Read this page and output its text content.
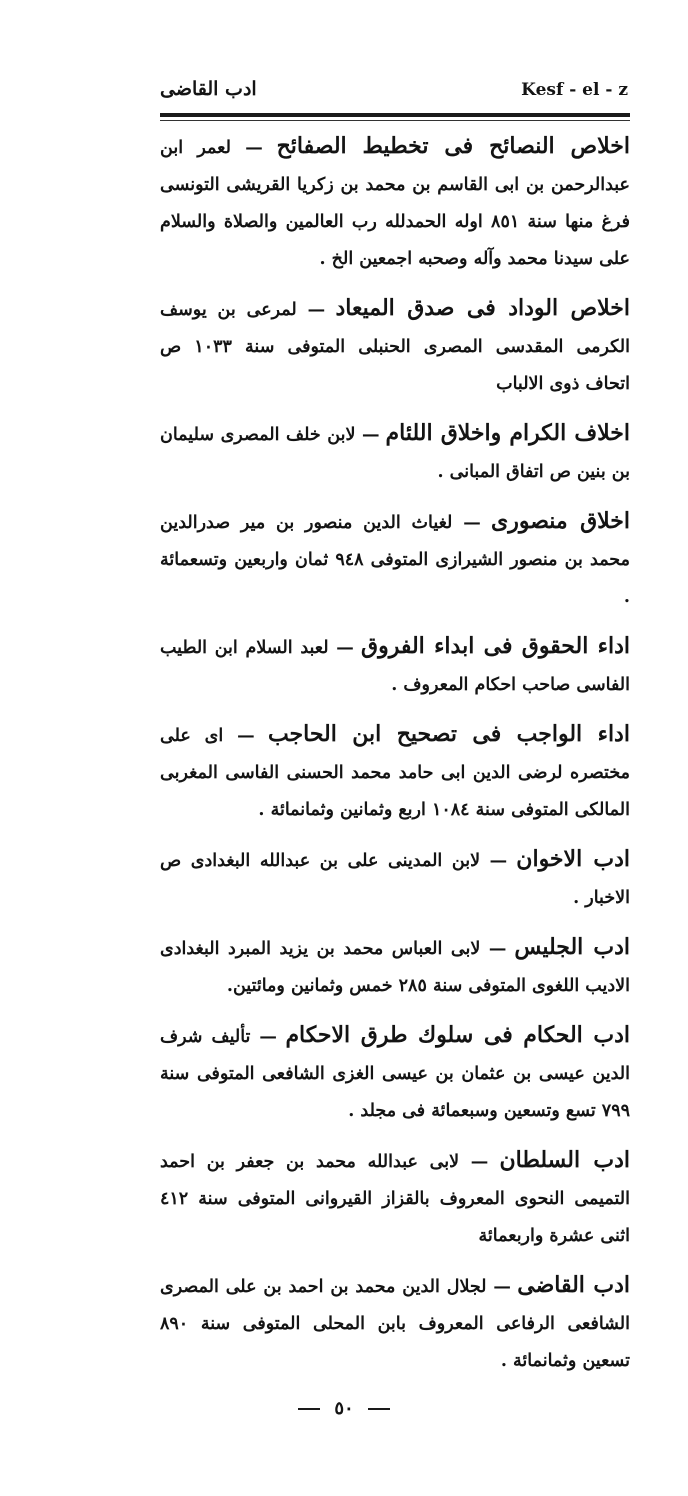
ادب القاضى	Kesf - el - z

اخلاص النصائح فى تخطيط الصفائح — لعمر ابن عبدالرحمن بن ابى القاسم بن محمد بن زكريا القريشى التونسى فرغ منها سنة ٨٥١ اوله الحمدلله رب العالمين والصلاة والسلام على سيدنا محمد وآله وصحبه اجمعين الخ .

اخلاص الوداد فى صدق الميعاد — لمرعى بن يوسف الكرمى المقدسى المصرى الحنبلى المتوفى سنة ١٠٣٣ ص اتحاف ذوى الالباب

اخلاف الكرام واخلاق اللئام — لابن خلف المصرى سليمان بن بنين ص اتفاق المبانى .

اخلاق منصورى — لغياث الدين منصور بن مير صدرالدين محمد بن منصور الشيرازى المتوفى ٩٤٨ ثمان واربعين وتسعمائة .

اداء الحقوق فى ابداء الفروق — لعبد السلام ابن الطيب الفاسى صاحب احكام المعروف .

اداء الواجب فى تصحيح ابن الحاجب — اى على مختصره لرضى الدين ابى حامد محمد الحسنى الفاسى المغربى المالكى المتوفى سنة ١٠٨٤ اربع وثمانين وثمانمائة .

ادب الاخوان — لابن المدينى على بن عبدالله البغدادى ص الاخبار .

ادب الجليس — لابى العباس محمد بن يزيد المبرد البغدادى الاديب اللغوى المتوفى سنة ٢٨٥ خمس وثمانين ومائتين.

ادب الحكام فى سلوك طرق الاحكام — تأليف شرف الدين عيسى بن عثمان بن عيسى الغزى الشافعى المتوفى سنة ٧٩٩ تسع وتسعين وسبعمائة فى مجلد .

ادب السلطان — لابى عبدالله محمد بن جعفر بن احمد التميمى النحوى المعروف بالقزاز القيروانى المتوفى سنة ٤١٢ اثنى عشرة واربعمائة

ادب القاضى — لجلال الدين محمد بن احمد بن على المصرى الشافعى الرفاعى المعروف بابن المحلى المتوفى سنة ٨٩٠ تسعين وثمانمائة .

٥٠
